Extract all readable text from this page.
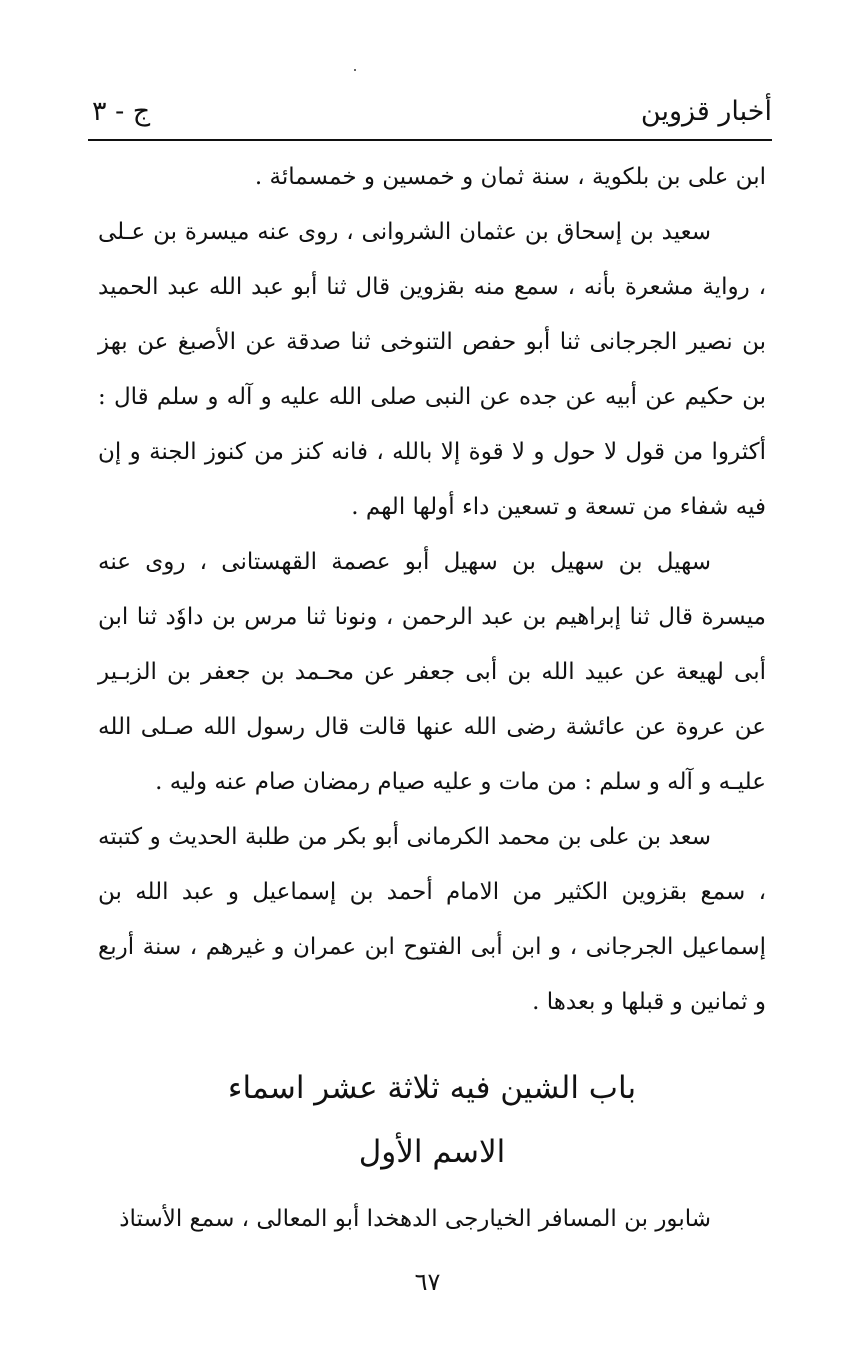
أخبار قزوين
ج - ٣

ابن على بن بلكوية ، سنة ثمان و خمسين و خمسمائة .

سعيد بن إسحاق بن عثمان الشروانى ، روى عنه ميسرة بن عـلى ، رواية مشعرة بأنه ، سمع منه بقزوين قال ثنا أبو عبد الله عبد الحميد بن نصير الجرجانى ثنا أبو حفص التنوخى ثنا صدقة عن الأصبغ عن بهز بن حكيم عن أبيه عن جده عن النبى صلى الله عليه و آله و سلم قال : أكثروا من قول لا حول و لا قوة إلا بالله ، فانه كنز من كنوز الجنة و إن فيه شفاء من تسعة و تسعين داء أولها الهم .

سهيل بن سهيل بن سهيل أبو عصمة القهستانى ، روى عنه ميسرة قال ثنا إبراهيم بن عبد الرحمن ، ونونا ثنا مرس بن داوٗد ثنا ابن أبى لهيعة عن عبيد الله بن أبى جعفر عن محـمد بن جعفر بن الزبـير عن عروة عن عائشة رضى الله عنها قالت قال رسول الله صـلى الله عليـه و آله و سلم : من مات و عليه صيام رمضان صام عنه وليه .

سعد بن على بن محمد الكرمانى أبو بكر من طلبة الحديث و كتبته ، سمع بقزوين الكثير من الامام أحمد بن إسماعيل و عبد الله بن إسماعيل الجرجانى ، و ابن أبى الفتوح ابن عمران و غيرهم ، سنة أربع و ثمانين و قبلها و بعدها .

باب الشين فيه ثلاثة عشر اسماء
الاسم الأول
شابور بن المسافر الخيارجى الدهخدا أبو المعالى ، سمع الأستاذ
٦٧
